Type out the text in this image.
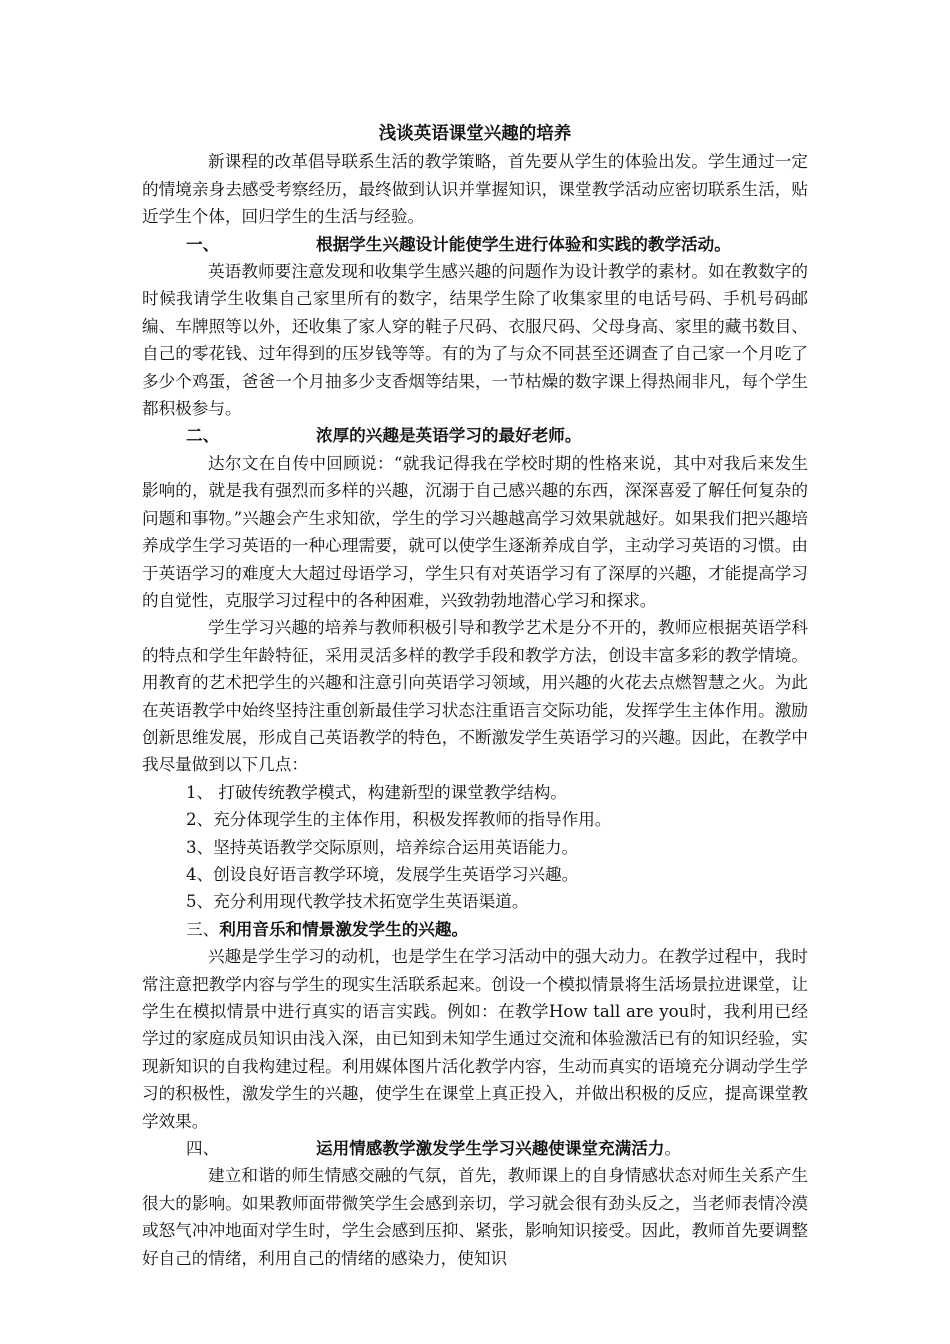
浅谈英语课堂兴趣的培养

新课程的改革倡导联系生活的教学策略，首先要从学生的体验出发。学生通过一定的情境亲身去感受考察经历，最终做到认识并掌握知识，课堂教学活动应密切联系生活，贴近学生个体，回归学生的生活与经验。

一、	根据学生兴趣设计能使学生进行体验和实践的教学活动。

英语教师要注意发现和收集学生感兴趣的问题作为设计教学的素材。如在教数字的时候我请学生收集自己家里所有的数字，结果学生除了收集家里的电话号码、手机号码邮编、车牌照等以外，还收集了家人穿的鞋子尺码、衣服尺码、父母身高、家里的藏书数目、自己的零花钱、过年得到的压岁钱等等。有的为了与众不同甚至还调查了自己家一个月吃了多少个鸡蛋，爸爸一个月抽多少支香烟等结果，一节枯燥的数字课上得热闹非凡，每个学生都积极参与。

二、	浓厚的兴趣是英语学习的最好老师。

达尔文在自传中回顾说：“就我记得我在学校时期的性格来说，其中对我后来发生影响的，就是我有强烈而多样的兴趣，沉溺于自己感兴趣的东西，深深喜爱了解任何复杂的问题和事物。”兴趣会产生求知欲，学生的学习兴趣越高学习效果就越好。如果我们把兴趣培养成学生学习英语的一种心理需要，就可以使学生逐渐养成自学，主动学习英语的习惯。由于英语学习的难度大大超过母语学习，学生只有对英语学习有了深厚的兴趣，才能提高学习的自觉性，克服学习过程中的各种困难，兴致勃勃地潜心学习和探求。

学生学习兴趣的培养与教师积极引导和教学艺术是分不开的，教师应根据英语学科的特点和学生年龄特征，采用灵活多样的教学手段和教学方法，创设丰富多彩的教学情境。用教育的艺术把学生的兴趣和注意引向英语学习领域，用兴趣的火花去点燃智慧之火。为此在英语教学中始终坚持注重创新最佳学习状态注重语言交际功能，发挥学生主体作用。激励创新思维发展，形成自己英语教学的特色，不断激发学生英语学习的兴趣。因此，在教学中我尽量做到以下几点：

1、 打破传统教学模式，构建新型的课堂教学结构。

2、充分体现学生的主体作用，积极发挥教师的指导作用。

3、坚持英语教学交际原则，培养综合运用英语能力。

4、创设良好语言教学环境，发展学生英语学习兴趣。

5、充分利用现代教学技术拓宽学生英语渠道。

三、利用音乐和情景激发学生的兴趣。

兴趣是学生学习的动机，也是学生在学习活动中的强大动力。在教学过程中，我时常注意把教学内容与学生的现实生活联系起来。创设一个模拟情景将生活场景拉进课堂，让学生在模拟情景中进行真实的语言实践。例如：在教学How tall are you时，我利用已经学过的家庭成员知识由浅入深，由已知到未知学生通过交流和体验激活已有的知识经验，实现新知识的自我构建过程。利用媒体图片活化教学内容，生动而真实的语境充分调动学生学习的积极性，激发学生的兴趣，使学生在课堂上真正投入，并做出积极的反应，提高课堂教学效果。

四、	运用情感教学激发学生学习兴趣使课堂充满活力。

建立和谐的师生情感交融的气氛，首先，教师课上的自身情感状态对师生关系产生很大的影响。如果教师面带微笑学生会感到亲切，学习就会很有劲头反之，当老师表情冷漠或怒气冲冲地面对学生时，学生会感到压抑、紧张，影响知识接受。因此，教师首先要调整好自己的情绪，利用自己的情绪的感染力，使知识
